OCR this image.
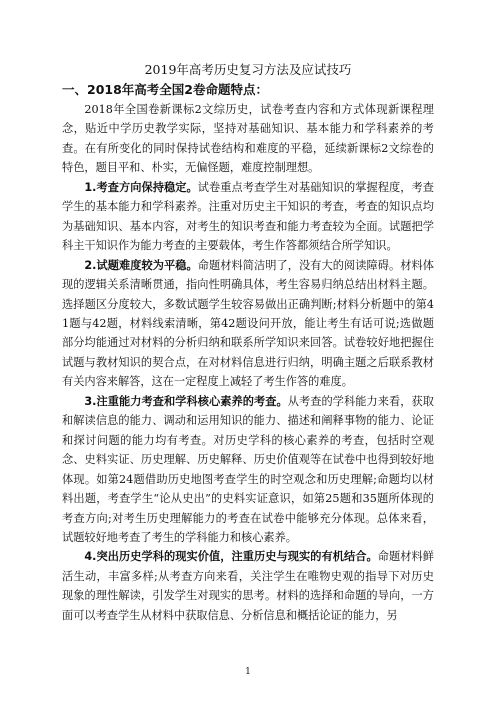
2019年高考历史复习方法及应试技巧
一、2018年高考全国2卷命题特点：

2018年全国卷新课标2文综历史，试卷考查内容和方式体现新课程理念，贴近中学历史教学实际，坚持对基础知识、基本能力和学科素养的考查。在有所变化的同时保持试卷结构和难度的平稳，延续新课标2文综卷的特色，题目平和、朴实，无偏怪题，难度控制理想。

1.考查方向保持稳定。试卷重点考查学生对基础知识的掌握程度，考查学生的基本能力和学科素养。注重对历史主干知识的考查，考查的知识点均为基础知识、基本内容，对考生的知识考查和能力考查较为全面。试题把学科主干知识作为能力考查的主要载体，考生作答都须结合所学知识。

2.试题难度较为平稳。命题材料简洁明了，没有大的阅读障碍。材料体现的逻辑关系清晰贯通，指向性明确具体，考生容易归纳总结出材料主题。选择题区分度较大，多数试题学生较容易做出正确判断;材料分析题中的第41题与42题，材料线索清晰，第42题设问开放，能让考生有话可说;选做题部分均能通过对材料的分析归纳和联系所学知识来回答。试卷较好地把握住试题与教材知识的契合点，在对材料信息进行归纳，明确主题之后联系教材有关内容来解答，这在一定程度上减轻了考生作答的难度。

3.注重能力考查和学科核心素养的考查。从考查的学科能力来看，获取和解读信息的能力、调动和运用知识的能力、描述和阐释事物的能力、论证和探讨问题的能力均有考查。对历史学科的核心素养的考查，包括时空观念、史料实证、历史理解、历史解释、历史价值观等在试卷中也得到较好地体现。如第24题借助历史地图考查学生的时空观念和历史理解;命题均以材料出题，考查学生“论从史出”的史料实证意识，如第25题和35题所体现的考查方向;对考生历史理解能力的考查在试卷中能够充分体现。总体来看，试题较好地考查了考生的学科能力和核心素养。

4.突出历史学科的现实价值，注重历史与现实的有机结合。命题材料鲜活生动，丰富多样;从考查方向来看，关注学生在唯物史观的指导下对历史现象的理性解读，引发学生对现实的思考。材料的选择和命题的导向，一方面可以考查学生从材料中获取信息、分析信息和概括论证的能力，另

1
